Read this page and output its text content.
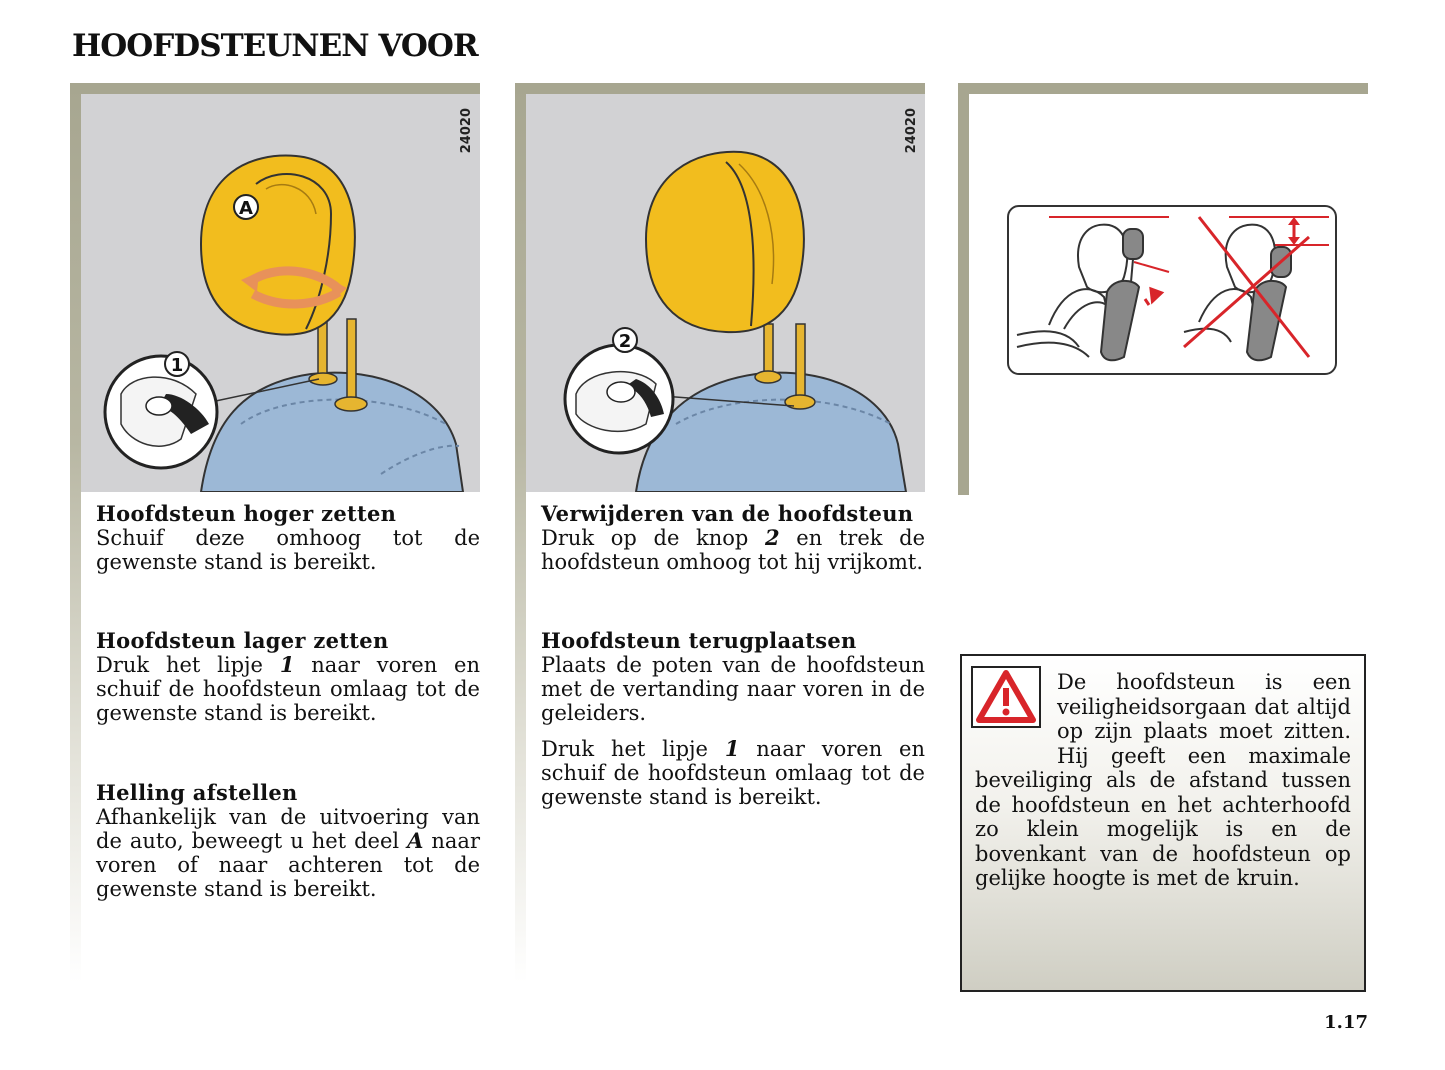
HOOFDSTEUNEN VOOR
A
1
24020
Hoofdsteun hoger zetten

Schuif deze omhoog tot de gewenste stand is bereikt.

Hoofdsteun lager zetten

Druk het lipje 1 naar voren en schuif de hoofdsteun omlaag tot de gewenste stand is bereikt.

Helling afstellen

Afhankelijk van de uitvoering van de auto, beweegt u het deel A naar voren of naar achteren tot de gewenste stand is bereikt.

2
24020
Verwijderen van de hoofdsteun

Druk op de knop 2 en trek de hoofdsteun omhoog tot hij vrijkomt.

Hoofdsteun terugplaatsen

Plaats de poten van de hoofdsteun met de vertanding naar voren in de geleiders.

Druk het lipje 1 naar voren en schuif de hoofdsteun omlaag tot de gewenste stand is bereikt.

De hoofdsteun is een veiligheidsorgaan dat altijd op zijn plaats moet zitten. Hij geeft een maximale beveiliging als de afstand tussen de hoofdsteun en het achterhoofd zo klein mogelijk is en de bovenkant van de hoofdsteun op gelijke hoogte is met de kruin.

1.17
